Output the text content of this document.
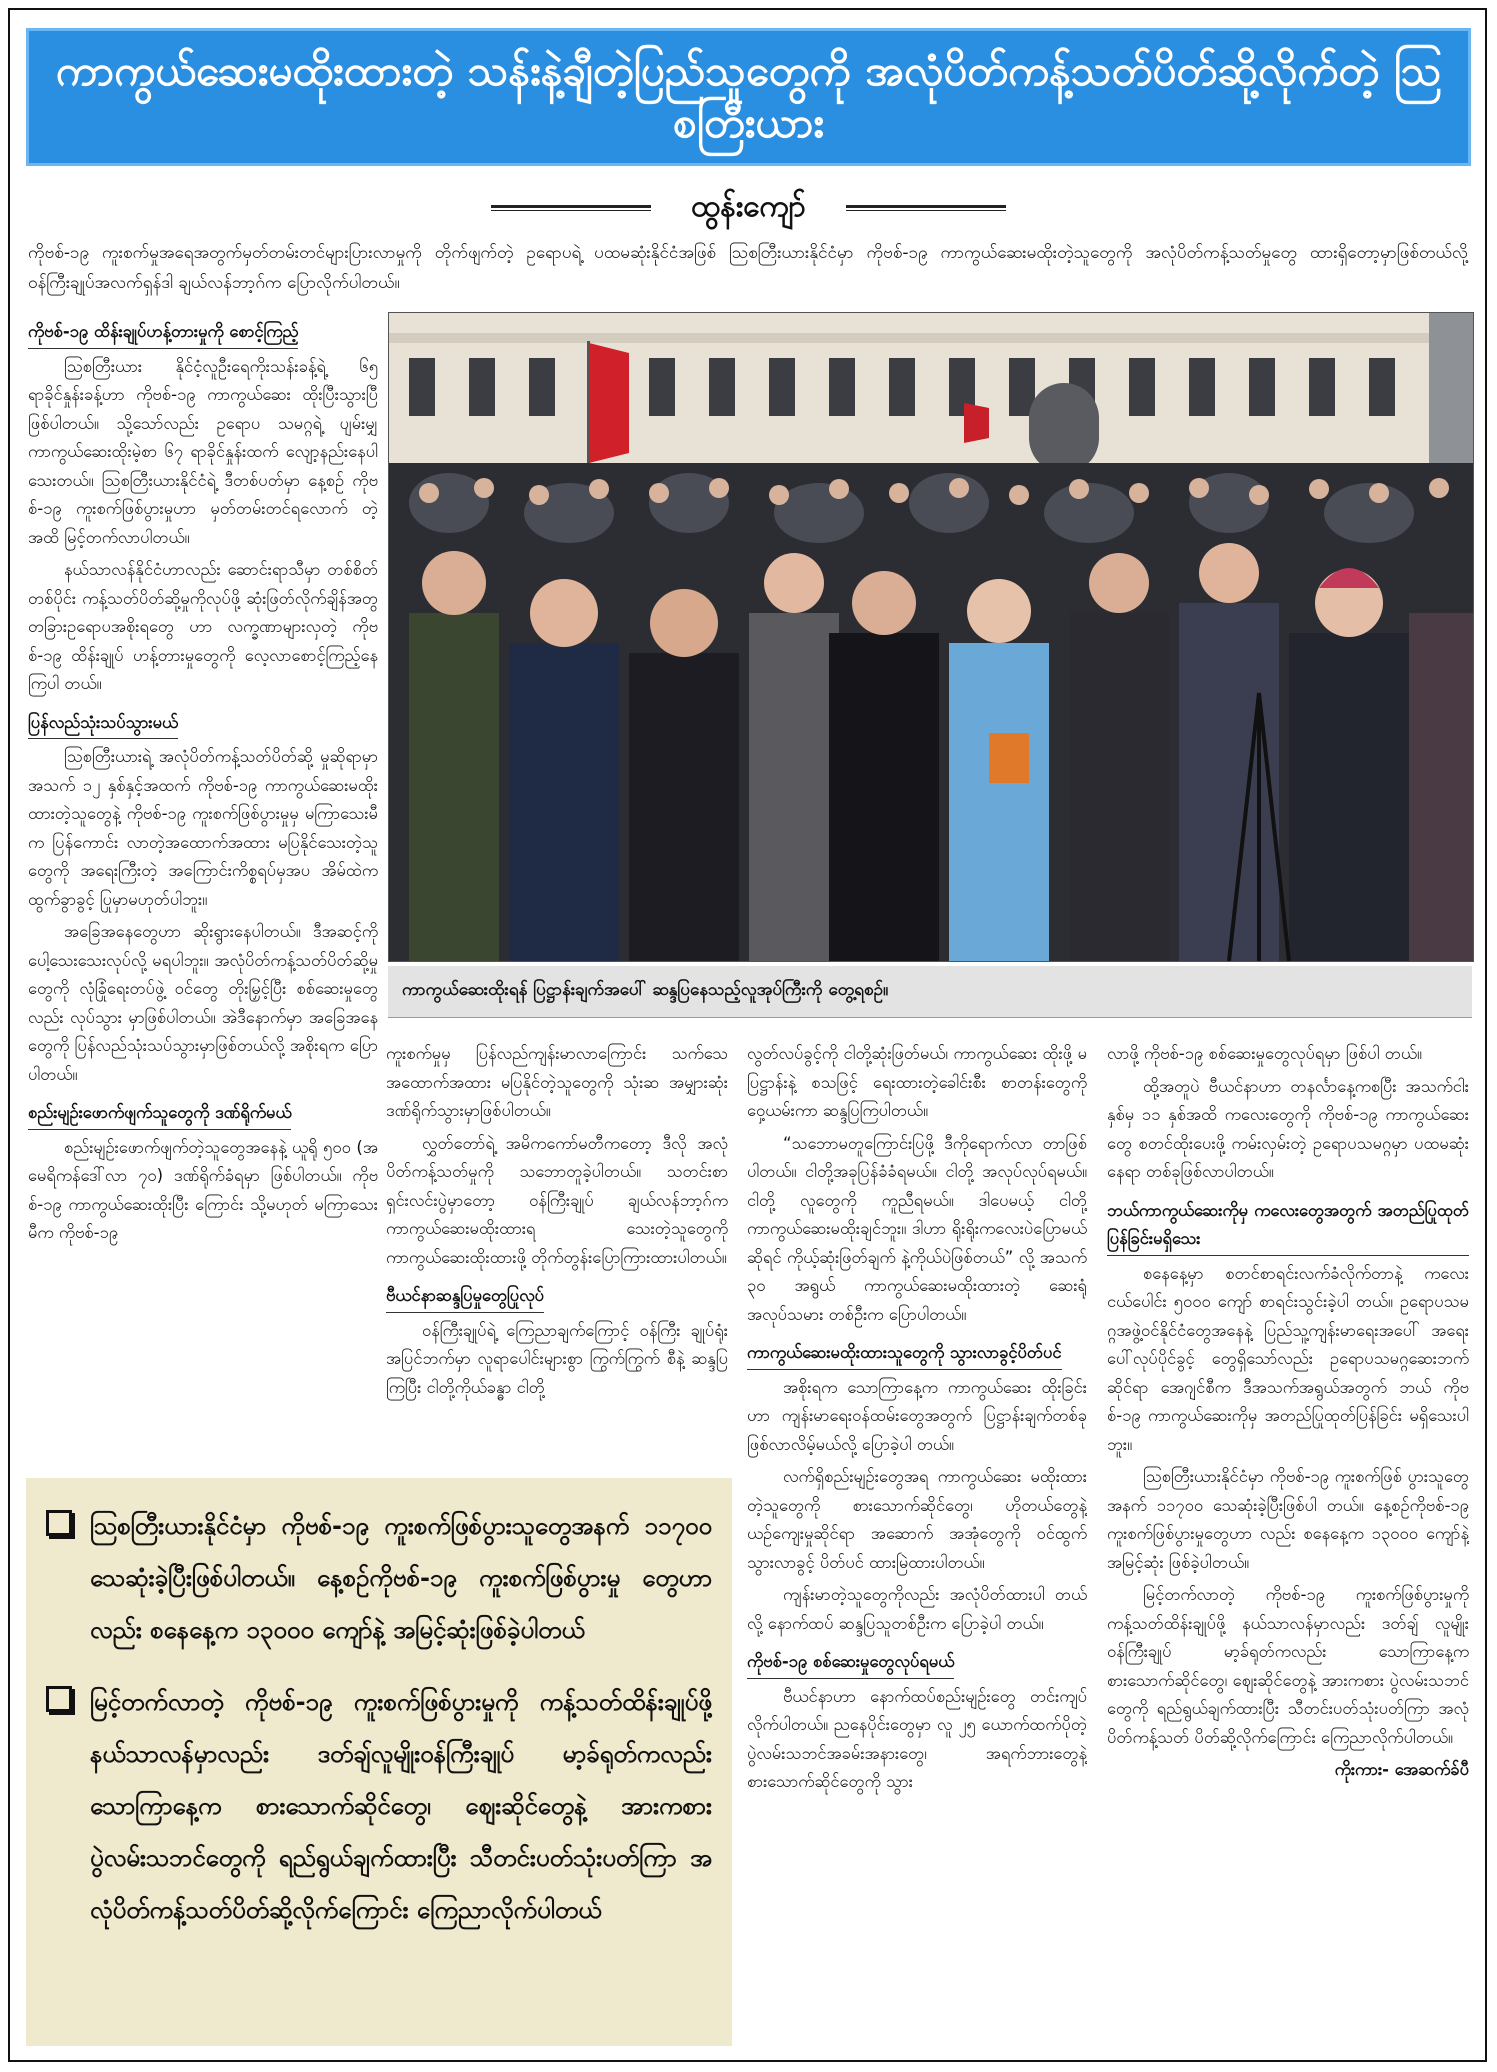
ကာကွယ်ဆေးမထိုးထားတဲ့ သန်းနဲ့ချီတဲ့ပြည်သူတွေကို အလုံပိတ်ကန့်သတ်ပိတ်ဆို့လိုက်တဲ့ ဩစတြီးယား
ထွန်းကျော်
ကိုဗစ်-၁၉ ကူးစက်မှုအရေအတွက်မှတ်တမ်းတင်များပြားလာမှုကို တိုက်ဖျက်တဲ့ ဥရောပရဲ့ ပထမဆုံးနိုင်ငံအဖြစ် ဩစတြီးယားနိုင်ငံမှာ ကိုဗစ်-၁၉ ကာကွယ်ဆေးမထိုးတဲ့သူတွေကို အလုံပိတ်ကန့်သတ်မှုတွေ ထားရှိတော့မှာဖြစ်တယ်လို့ ဝန်ကြီးချုပ်အလက်ရှန်ဒါ ချယ်လန်ဘာ့ဂ်က ပြောလိုက်ပါတယ်။
ကိုဗစ်-၁၉ ထိန်းချုပ်ဟန့်တားမှုကို စောင့်ကြည့်

ဩစတြီးယား နိုင်ငံ့လူဦးရေကိုးသန်းခန့်ရဲ့ ၆၅ ရာခိုင်နှုန်းခန့်ဟာ ကိုဗစ်-၁၉ ကာကွယ်ဆေး ထိုးပြီးသွားပြီဖြစ်ပါတယ်။ သို့သော်လည်း ဥရောပ သမဂ္ဂရဲ့ ပျမ်းမျှကာကွယ်ဆေးထိုးမဲ့စာ ၆၇ ရာခိုင်နှုန်းထက် လျော့နည်းနေပါသေးတယ်။ ဩစတြီးယားနိုင်ငံရဲ့ ဒီတစ်ပတ်မှာ နေ့စဉ် ကိုဗစ်-၁၉ ကူးစက်ဖြစ်ပွားမှုဟာ မှတ်တမ်းတင်ရလောက် တဲ့အထိ မြင့်တက်လာပါတယ်။

နယ်သာလန်နိုင်ငံဟာလည်း ဆောင်းရာသီမှာ တစ်စိတ်တစ်ပိုင်း ကန့်သတ်ပိတ်ဆို့မှုကိုလုပ်ဖို့ ဆုံးဖြတ်လိုက်ချိန်အတွ တခြားဥရောပအစိုးရတွေ ဟာ လက္ခဏာများလှတဲ့ ကိုဗစ်-၁၉ ထိန်းချုပ် ဟန့်တားမှုတွေကို လေ့လာစောင့်ကြည့်နေကြပါ တယ်။

ပြန်လည်သုံးသပ်သွားမယ်

ဩစတြီးယားရဲ့ အလုံပိတ်ကန့်သတ်ပိတ်ဆို့ မှုဆိုရာမှာ အသက် ၁၂ နှစ်နှင့်အထက် ကိုဗစ်-၁၉ ကာကွယ်ဆေးမထိုးထားတဲ့သူတွေနဲ့ ကိုဗစ်-၁၉ ကူးစက်ဖြစ်ပွားမှုမှ မကြာသေးမီက ပြန်ကောင်း လာတဲ့အထောက်အထား မပြနိုင်သေးတဲ့သူတွေကို အရေးကြီးတဲ့ အကြောင်းကိစ္စရပ်မှအပ အိမ်ထဲက ထွက်ခွာခွင့် ပြုမှာမဟုတ်ပါဘူး။

အခြေအနေတွေဟာ ဆိုးရွားနေပါတယ်။ ဒီအဆင့်ကို ပေါ့သေးသေးလုပ်လို့ မရပါဘူး။ အလုံပိတ်ကန့်သတ်ပိတ်ဆို့မှုတွေကို လုံခြုံရေးတပ်ဖွဲ့ ဝင်တွေ တိုးမြှင့်ပြီး စစ်ဆေးမှုတွေလည်း လုပ်သွား မှာဖြစ်ပါတယ်။ အဲဒီနောက်မှာ အခြေအနေတွေကို ပြန်လည်သုံးသပ်သွားမှာဖြစ်တယ်လို့ အစိုးရက ပြောပါတယ်။

စည်းမျဉ်းဖောက်ဖျက်သူတွေကို ဒဏ်ရိုက်မယ်

စည်းမျဉ်းဖောက်ဖျက်တဲ့သူတွေအနေနဲ့ ယူရို ၅၀၀ (အမေရိကန်ဒေါ်လာ ၇၀) ဒဏ်ရိုက်ခံရမှာ ဖြစ်ပါတယ်။ ကိုဗစ်-၁၉ ကာကွယ်ဆေးထိုးပြီး ကြောင်း သို့မဟုတ် မကြာသေးမီက ကိုဗစ်-၁၉

ကာကွယ်ဆေးထိုးရန် ပြဋ္ဌာန်းချက်အပေါ် ဆန္ဒပြနေသည့်လူအုပ်ကြီးကို တွေ့ရစဉ်။

ကူးစက်မှုမှ ပြန်လည်ကျန်းမာလာကြောင်း သက်သေအထောက်အထား မပြနိုင်တဲ့သူတွေကို သုံးဆ အမျှားဆုံးဒဏ်ရိုက်သွားမှာဖြစ်ပါတယ်။

လွှတ်တော်ရဲ့ အမိကကော်မတီကတော့ ဒီလို အလုံပိတ်ကန့်သတ်မှုကို သဘောတူခဲ့ပါတယ်။ သတင်းစာရှင်းလင်းပွဲမှာတော့ ဝန်ကြီးချုပ် ချယ်လန်ဘာ့ဂ်က ကာကွယ်ဆေးမထိုးထားရ သေးတဲ့သူတွေကို ကာကွယ်ဆေးထိုးထားဖို့ တိုက်တွန်းပြောကြားထားပါတယ်။

ဗီယင်နာဆန္ဒပြမှုတွေပြုလုပ်

ဝန်ကြီးချုပ်ရဲ့ ကြေညာချက်ကြောင့် ဝန်ကြီး ချုပ်ရုံးအပြင်ဘက်မှာ လူရာပေါင်းများစွာ ကြွက်ကြွက် စီနဲ့ ဆန္ဒပြကြပြီး ငါတို့ကိုယ်ခန္ဓာ ငါတို့

လွတ်လပ်ခွင့်ကို ငါတို့ဆုံးဖြတ်မယ်၊ ကာကွယ်ဆေး ထိုးဖို့ မပြဋ္ဌာန်းနဲ့ စသဖြင့် ရေးထားတဲ့ခေါင်းစီး စာတန်းတွေကို ဝှေ့ယမ်းကာ ဆန္ဒပြကြပါတယ်။

“သဘောမတူကြောင်းပြဖို့ ဒီကိုရောက်လာ တာဖြစ်ပါတယ်။ ငါတို့အခုပြန်ခံခံရမယ်။ ငါတို့ အလုပ်လုပ်ရမယ်။ ငါတို့ လူတွေကို ကူညီရမယ်။ ဒါပေမယ့် ငါတို့ ကာကွယ်ဆေးမထိုးချင်ဘူး။ ဒါဟာ ရိုးရိုးကလေးပဲပြောမယ်ဆိုရင် ကိုယ့်ဆုံးဖြတ်ချက် နဲ့ကိုယ်ပဲဖြစ်တယ်” လို့ အသက် ၃၀ အရွယ် ကာကွယ်ဆေးမထိုးထားတဲ့ ဆေးရုံအလုပ်သမား တစ်ဦးက ပြောပါတယ်။

ကာကွယ်ဆေးမထိုးထားသူတွေကို သွားလာခွင့်ပိတ်ပင်

အစိုးရက သောကြာနေ့က ကာကွယ်ဆေး ထိုးခြင်းဟာ ကျန်းမာရေးဝန်ထမ်းတွေအတွက် ပြဋ္ဌာန်းချက်တစ်ခု ဖြစ်လာလိမ့်မယ်လို့ ပြောခဲ့ပါ တယ်။

လက်ရှိစည်းမျဉ်းတွေအရ ကာကွယ်ဆေး မထိုးထားတဲ့သူတွေကို စားသောက်ဆိုင်တွေ၊ ဟိုတယ်တွေနဲ့ ယဉ်ကျေးမှုဆိုင်ရာ အဆောက် အအုံတွေကို ဝင်ထွက်သွားလာခွင့် ပိတ်ပင် ထားမြဲထားပါတယ်။

ကျန်းမာတဲ့သူတွေကိုလည်း အလုံပိတ်ထားပါ တယ်လို့ နောက်ထပ် ဆန္ဒပြသူတစ်ဦးက ပြောခဲ့ပါ တယ်။

ကိုဗစ်-၁၉ စစ်ဆေးမှုတွေလုပ်ရမယ်

ဗီယင်နာဟာ နောက်ထပ်စည်းမျဉ်းတွေ တင်းကျပ်လိုက်ပါတယ်။ ညနေပိုင်းတွေမှာ လူ ၂၅ ယောက်ထက်ပိုတဲ့ ပွဲလမ်းသဘင်အခမ်းအနားတွေ၊ အရက်ဘားတွေနဲ့ စားသောက်ဆိုင်တွေကို သွား

လာဖို့ ကိုဗစ်-၁၉ စစ်ဆေးမှုတွေလုပ်ရမှာ ဖြစ်ပါ တယ်။

ထို့အတူပဲ ဗီယင်နာဟာ တနင်္လာနေ့ကစပြီး အသက်ငါးနှစ်မှ ၁၁ နှစ်အထိ ကလေးတွေကို ကိုဗစ်-၁၉ ကာကွယ်ဆေးတွေ စတင်ထိုးပေးဖို့ ကမ်းလှမ်းတဲ့ ဥရောပသမဂ္ဂမှာ ပထမဆုံးနေရာ တစ်ခုဖြစ်လာပါတယ်။

ဘယ်ကာကွယ်ဆေးကိုမှ ကလေးတွေအတွက် အတည်ပြုထုတ်ပြန်ခြင်းမရှိသေး

စနေနေ့မှာ စတင်စာရင်းလက်ခံလိုက်တာနဲ့ ကလေးငယ်ပေါင်း ၅၀၀၀ ကျော် စာရင်းသွင်းခဲ့ပါ တယ်။ ဥရောပသမဂ္ဂအဖွဲ့ဝင်နိုင်ငံတွေအနေနဲ့ ပြည်သူ့ကျန်းမာရေးအပေါ် အရေးပေါ်လုပ်ပိုင်ခွင့် တွေရှိသော်လည်း ဥရောပသမဂ္ဂဆေးဘက်ဆိုင်ရာ အေဂျင်စီက ဒီအသက်အရွယ်အတွက် ဘယ် ကိုဗစ်-၁၉ ကာကွယ်ဆေးကိုမှ အတည်ပြုထုတ်ပြန်ခြင်း မရှိသေးပါဘူး။

ဩစတြီးယားနိုင်ငံမှာ ကိုဗစ်-၁၉ ကူးစက်ဖြစ် ပွားသူတွေအနက် ၁၁၇၀၀ သေဆုံးခဲ့ပြီးဖြစ်ပါ တယ်။ နေ့စဉ်ကိုဗစ်-၁၉ ကူးစက်ဖြစ်ပွားမှုတွေဟာ လည်း စနေနေ့က ၁၃၀၀၀ ကျော်နဲ့ အမြင့်ဆုံး ဖြစ်ခဲ့ပါတယ်။

မြင့်တက်လာတဲ့ ကိုဗစ်-၁၉ ကူးစက်ဖြစ်ပွားမှုကို ကန့်သတ်ထိန်းချုပ်ဖို့ နယ်သာလန်မှာလည်း ဒတ်ချ် လူမျိုးဝန်ကြီးချုပ် မာ့ခ်ရုတ်ကလည်း သောကြာနေ့က စားသောက်ဆိုင်တွေ၊ ဈေးဆိုင်တွေနဲ့ အားကစား ပွဲလမ်းသဘင်တွေကို ရည်ရွယ်ချက်ထားပြီး သီတင်းပတ်သုံးပတ်ကြာ အလုံပိတ်ကန့်သတ် ပိတ်ဆို့လိုက်ကြောင်း ကြေညာလိုက်ပါတယ်။

ကိုးကား- အေဆက်ခ်ပီ

ဩစတြီးယားနိုင်ငံမှာ ကိုဗစ်-၁၉ ကူးစက်ဖြစ်ပွားသူတွေအနက် ၁၁၇၀၀ သေဆုံးခဲ့ပြီးဖြစ်ပါတယ်။ နေ့စဉ်ကိုဗစ်-၁၉ ကူးစက်ဖြစ်ပွားမှု တွေဟာလည်း စနေနေ့က ၁၃၀၀၀ ကျော်နဲ့ အမြင့်ဆုံးဖြစ်ခဲ့ပါတယ်
မြင့်တက်လာတဲ့ ကိုဗစ်-၁၉ ကူးစက်ဖြစ်ပွားမှုကို ကန့်သတ်ထိန်းချုပ်ဖို့ နယ်သာလန်မှာလည်း ဒတ်ချ်လူမျိုးဝန်ကြီးချုပ် မာ့ခ်ရုတ်ကလည်း သောကြာနေ့က စားသောက်ဆိုင်တွေ၊ ဈေးဆိုင်တွေနဲ့ အားကစား ပွဲလမ်းသဘင်တွေကို ရည်ရွယ်ချက်ထားပြီး သီတင်းပတ်သုံးပတ်ကြာ အလုံပိတ်ကန့်သတ်ပိတ်ဆို့လိုက်ကြောင်း ကြေညာလိုက်ပါတယ်
